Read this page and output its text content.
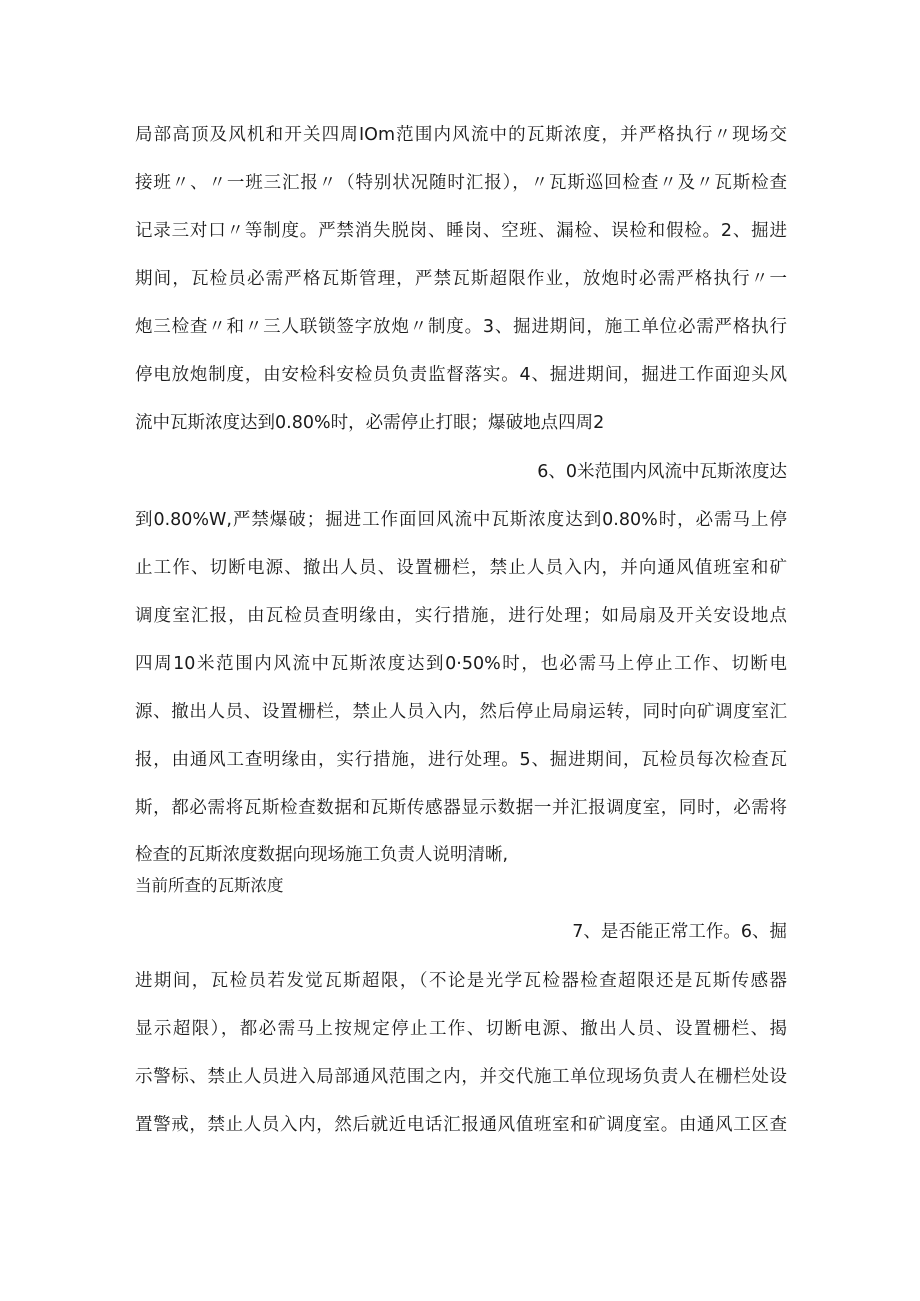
局部高顶及风机和开关四周IOm范围内风流中的瓦斯浓度，并严格执行〃现场交
接班〃、〃一班三汇报〃（特别状况随时汇报），〃瓦斯巡回检查〃及〃瓦斯检查
记录三对口〃等制度。严禁消失脱岗、睡岗、空班、漏检、误检和假检。2、掘进
期间，瓦检员必需严格瓦斯管理，严禁瓦斯超限作业，放炮时必需严格执行〃一
炮三检查〃和〃三人联锁签字放炮〃制度。3、掘进期间，施工单位必需严格执行
停电放炮制度，由安检科安检员负责监督落实。4、掘进期间，掘进工作面迎头风
流中瓦斯浓度达到0.80%时，必需停止打眼；爆破地点四周2
6、0米范围内风流中瓦斯浓度达
到0.80%W,严禁爆破；掘进工作面回风流中瓦斯浓度达到0.80%时，必需马上停
止工作、切断电源、撤出人员、设置栅栏，禁止人员入内，并向通风值班室和矿
调度室汇报，由瓦检员查明缘由，实行措施，进行处理；如局扇及开关安设地点
四周10米范围内风流中瓦斯浓度达到0·50%时，也必需马上停止工作、切断电
源、撤出人员、设置栅栏，禁止人员入内，然后停止局扇运转，同时向矿调度室汇
报，由通风工查明缘由，实行措施，进行处理。5、掘进期间，瓦检员每次检查瓦
斯，都必需将瓦斯检查数据和瓦斯传感器显示数据一并汇报调度室，同时，必需将
检查的瓦斯浓度数据向现场施工负责人说明清晰,
当前所查的瓦斯浓度
7、是否能正常工作。6、掘
进期间，瓦检员若发觉瓦斯超限，（不论是光学瓦检器检查超限还是瓦斯传感器
显示超限），都必需马上按规定停止工作、切断电源、撤出人员、设置栅栏、揭
示警标、禁止人员进入局部通风范围之内，并交代施工单位现场负责人在栅栏处设
置警戒，禁止人员入内，然后就近电话汇报通风值班室和矿调度室。由通风工区查
